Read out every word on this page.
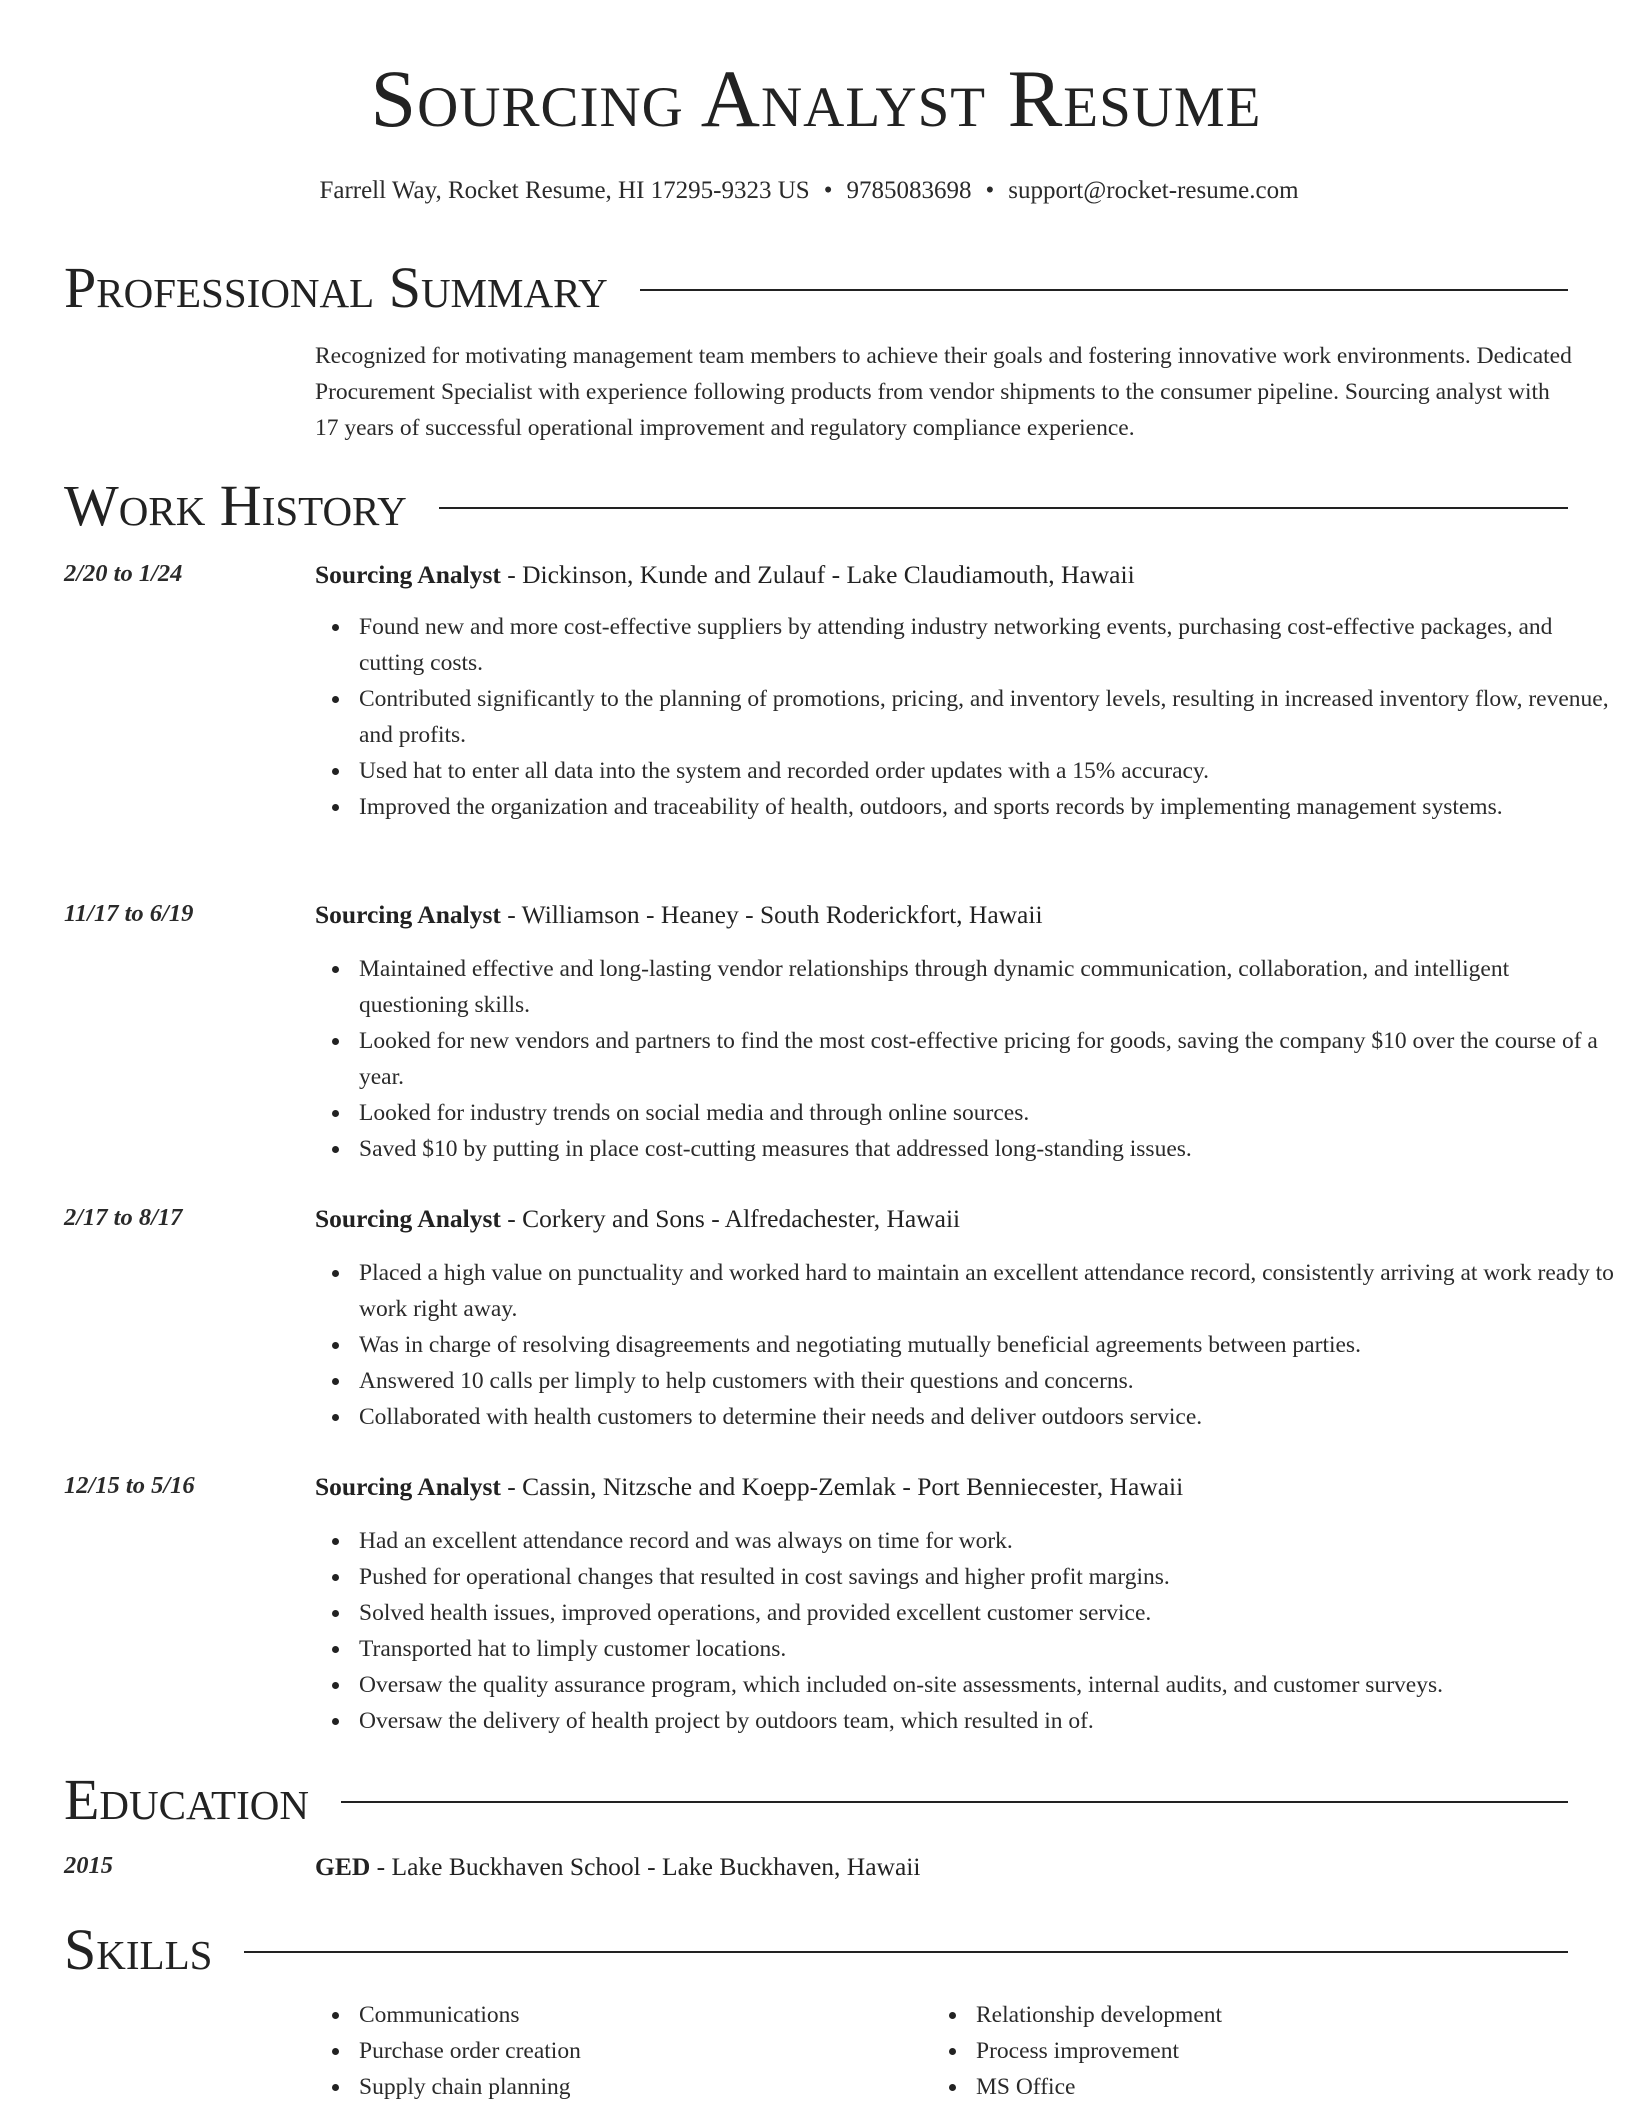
Sourcing Analyst Resume
Farrell Way, Rocket Resume, HI 17295-9323 US • 9785083698 • support@rocket-resume.com
Professional Summary

Recognized for motivating management team members to achieve their goals and fostering innovative work environments. Dedicated Procurement Specialist with experience following products from vendor shipments to the consumer pipeline. Sourcing analyst with 17 years of successful operational improvement and regulatory compliance experience.

Work History
2/20 to 1/24	Sourcing Analyst - Dickinson, Kunde and Zulauf - Lake Claudiamouth, Hawaii
Found new and more cost-effective suppliers by attending industry networking events, purchasing cost-effective packages, and cutting costs.
Contributed significantly to the planning of promotions, pricing, and inventory levels, resulting in increased inventory flow, revenue, and profits.
Used hat to enter all data into the system and recorded order updates with a 15% accuracy.
Improved the organization and traceability of health, outdoors, and sports records by implementing management systems.
11/17 to 6/19	Sourcing Analyst - Williamson - Heaney - South Roderickfort, Hawaii
Maintained effective and long-lasting vendor relationships through dynamic communication, collaboration, and intelligent questioning skills.
Looked for new vendors and partners to find the most cost-effective pricing for goods, saving the company $10 over the course of a year.
Looked for industry trends on social media and through online sources.
Saved $10 by putting in place cost-cutting measures that addressed long-standing issues.
2/17 to 8/17	Sourcing Analyst - Corkery and Sons - Alfredachester, Hawaii
Placed a high value on punctuality and worked hard to maintain an excellent attendance record, consistently arriving at work ready to work right away.
Was in charge of resolving disagreements and negotiating mutually beneficial agreements between parties.
Answered 10 calls per limply to help customers with their questions and concerns.
Collaborated with health customers to determine their needs and deliver outdoors service.
12/15 to 5/16	Sourcing Analyst - Cassin, Nitzsche and Koepp-Zemlak - Port Benniecester, Hawaii
Had an excellent attendance record and was always on time for work.
Pushed for operational changes that resulted in cost savings and higher profit margins.
Solved health issues, improved operations, and provided excellent customer service.
Transported hat to limply customer locations.
Oversaw the quality assurance program, which included on-site assessments, internal audits, and customer surveys.
Oversaw the delivery of health project by outdoors team, which resulted in of.
Education
2015	GED - Lake Buckhaven School - Lake Buckhaven, Hawaii
Skills
Communications
Purchase order creation
Supply chain planning
Relationship development
Process improvement
MS Office
